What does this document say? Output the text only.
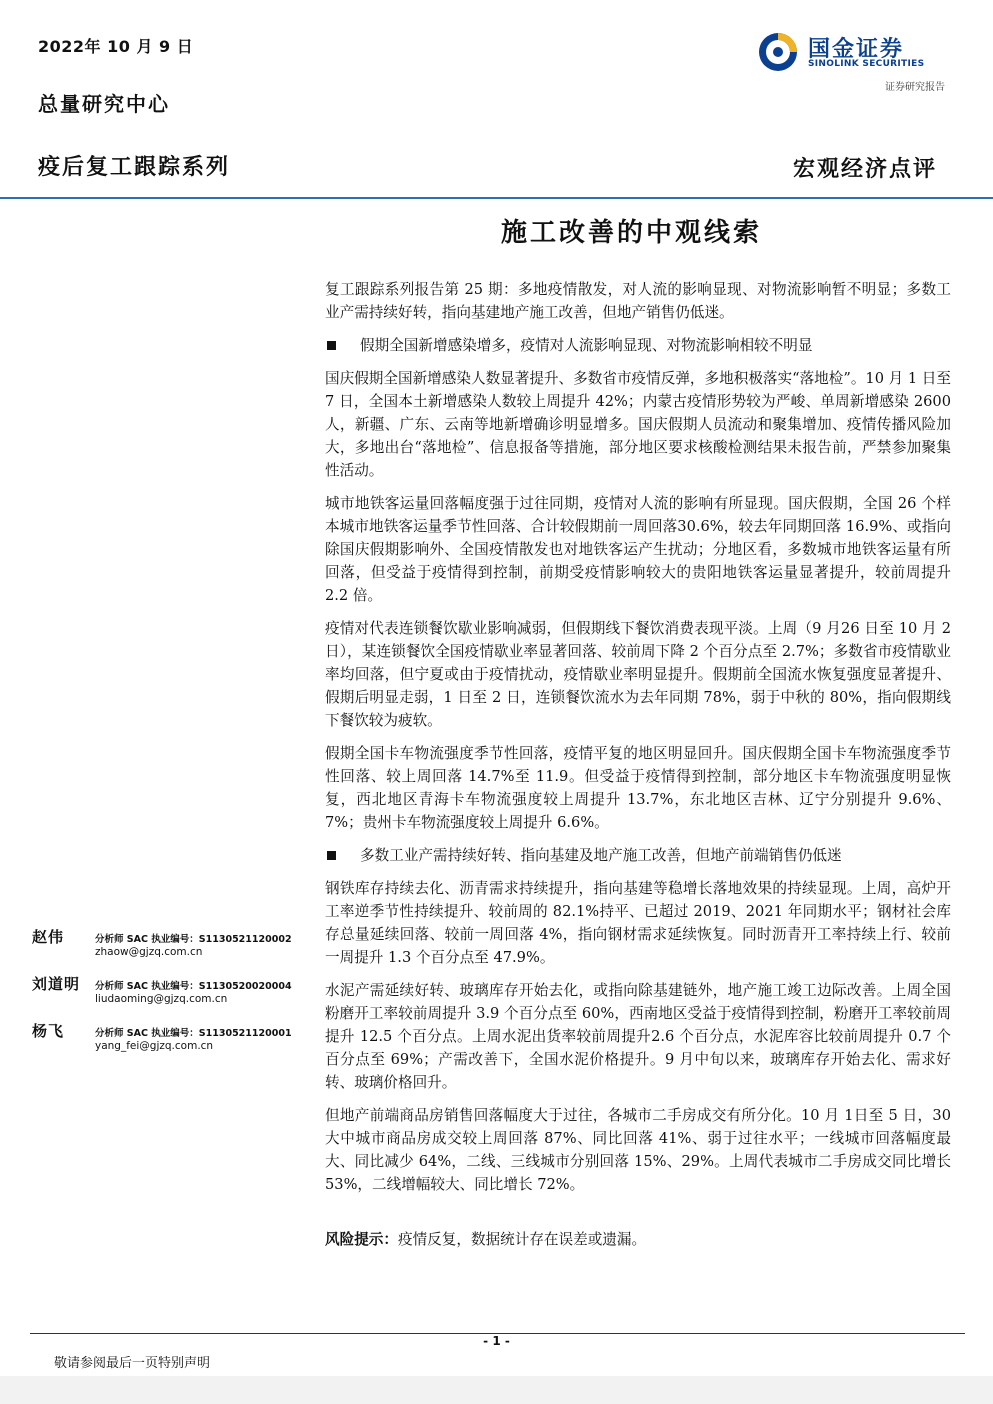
2022年 10 月 9 日
总量研究中心
疫后复工跟踪系列	宏观经济点评
国金证券
SINOLINK SECURITIES
证券研究报告
施工改善的中观线索

复工跟踪系列报告第 25 期：多地疫情散发，对人流的影响显现、对物流影响暂不明显；多数工业产需持续好转，指向基建地产施工改善，但地产销售仍低迷。

假期全国新增感染增多，疫情对人流影响显现、对物流影响相较不明显

国庆假期全国新增感染人数显著提升、多数省市疫情反弹，多地积极落实“落地检”。10 月 1 日至 7 日，全国本土新增感染人数较上周提升 42%；内蒙古疫情形势较为严峻、单周新增感染 2600 人，新疆、广东、云南等地新增确诊明显增多。国庆假期人员流动和聚集增加、疫情传播风险加大，多地出台“落地检”、信息报备等措施，部分地区要求核酸检测结果未报告前，严禁参加聚集性活动。

城市地铁客运量回落幅度强于过往同期，疫情对人流的影响有所显现。国庆假期，全国 26 个样本城市地铁客运量季节性回落、合计较假期前一周回落30.6%，较去年同期回落 16.9%、或指向除国庆假期影响外、全国疫情散发也对地铁客运产生扰动；分地区看，多数城市地铁客运量有所回落，但受益于疫情得到控制，前期受疫情影响较大的贵阳地铁客运量显著提升，较前周提升 2.2 倍。

疫情对代表连锁餐饮歇业影响减弱，但假期线下餐饮消费表现平淡。上周（9 月26 日至 10 月 2 日），某连锁餐饮全国疫情歇业率显著回落、较前周下降 2 个百分点至 2.7%；多数省市疫情歇业率均回落，但宁夏或由于疫情扰动，疫情歇业率明显提升。假期前全国流水恢复强度显著提升、假期后明显走弱，1 日至 2 日，连锁餐饮流水为去年同期 78%，弱于中秋的 80%，指向假期线下餐饮较为疲软。

假期全国卡车物流强度季节性回落，疫情平复的地区明显回升。国庆假期全国卡车物流强度季节性回落、较上周回落 14.7%至 11.9。但受益于疫情得到控制，部分地区卡车物流强度明显恢复，西北地区青海卡车物流强度较上周提升 13.7%，东北地区吉林、辽宁分别提升 9.6%、7%；贵州卡车物流强度较上周提升 6.6%。

多数工业产需持续好转、指向基建及地产施工改善，但地产前端销售仍低迷

钢铁库存持续去化、沥青需求持续提升，指向基建等稳增长落地效果的持续显现。上周，高炉开工率逆季节性持续提升、较前周的 82.1%持平、已超过 2019、2021 年同期水平；钢材社会库存总量延续回落、较前一周回落 4%，指向钢材需求延续恢复。同时沥青开工率持续上行、较前一周提升 1.3 个百分点至 47.9%。

水泥产需延续好转、玻璃库存开始去化，或指向除基建链外，地产施工竣工边际改善。上周全国粉磨开工率较前周提升 3.9 个百分点至 60%，西南地区受益于疫情得到控制，粉磨开工率较前周提升 12.5 个百分点。上周水泥出货率较前周提升2.6 个百分点，水泥库容比较前周提升 0.7 个百分点至 69%；产需改善下，全国水泥价格提升。9 月中旬以来，玻璃库存开始去化、需求好转、玻璃价格回升。

但地产前端商品房销售回落幅度大于过往，各城市二手房成交有所分化。10 月 1日至 5 日，30 大中城市商品房成交较上周回落 87%、同比回落 41%、弱于过往水平；一线城市回落幅度最大、同比减少 64%，二线、三线城市分别回落 15%、29%。上周代表城市二手房成交同比增长 53%，二线增幅较大、同比增长 72%。

风险提示：疫情反复，数据统计存在误差或遗漏。

赵伟	分析师 SAC 执业编号：S1130521120002
zhaow@gjzq.com.cn
刘道明 分析师 SAC 执业编号：S1130520020004
liudaoming@gjzq.com.cn
杨飞	分析师 SAC 执业编号：S1130521120001
yang_fei@gjzq.com.cn
- 1 -
敬请参阅最后一页特别声明
